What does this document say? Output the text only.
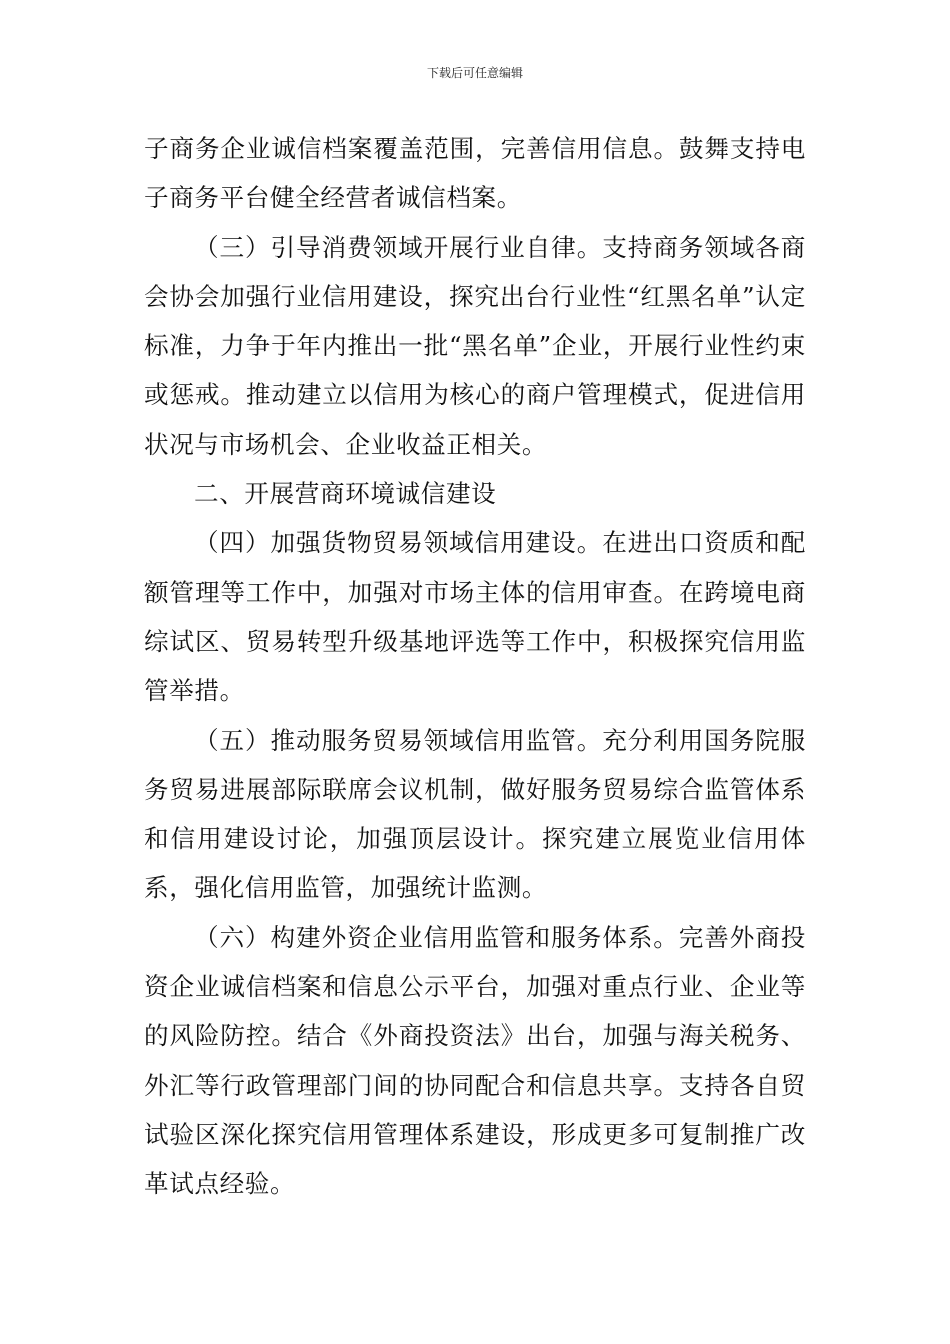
下载后可任意编辑

子商务企业诚信档案覆盖范围，完善信用信息。鼓舞支持电子商务平台健全经营者诚信档案。

（三）引导消费领域开展行业自律。支持商务领域各商会协会加强行业信用建设，探究出台行业性“红黑名单”认定标准，力争于年内推出一批“黑名单”企业，开展行业性约束或惩戒。推动建立以信用为核心的商户管理模式，促进信用状况与市场机会、企业收益正相关。

二、开展营商环境诚信建设

（四）加强货物贸易领域信用建设。在进出口资质和配额管理等工作中，加强对市场主体的信用审查。在跨境电商综试区、贸易转型升级基地评选等工作中，积极探究信用监管举措。

（五）推动服务贸易领域信用监管。充分利用国务院服务贸易进展部际联席会议机制，做好服务贸易综合监管体系和信用建设讨论，加强顶层设计。探究建立展览业信用体系，强化信用监管，加强统计监测。

（六）构建外资企业信用监管和服务体系。完善外商投资企业诚信档案和信息公示平台，加强对重点行业、企业等的风险防控。结合《外商投资法》出台，加强与海关税务、外汇等行政管理部门间的协同配合和信息共享。支持各自贸试验区深化探究信用管理体系建设，形成更多可复制推广改革试点经验。
